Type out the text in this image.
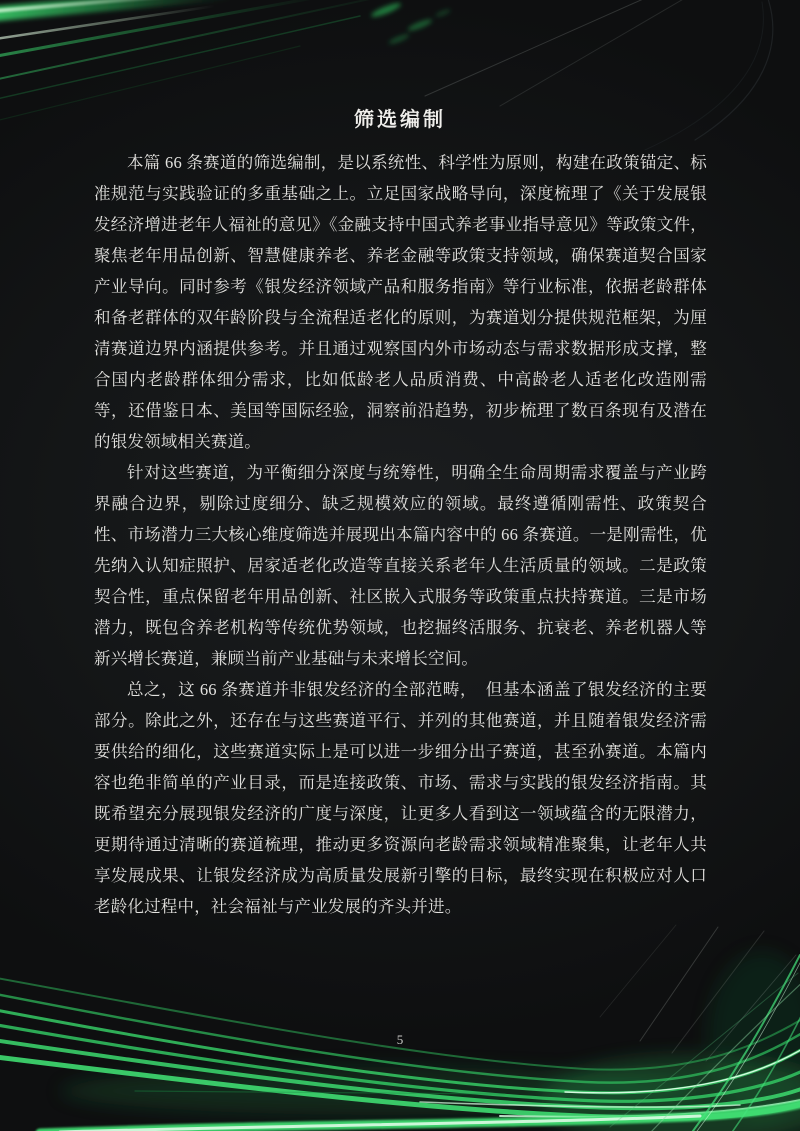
筛选编制

本篇 66 条赛道的筛选编制，是以系统性、科学性为原则，构建在政策锚定、标准规范与实践验证的多重基础之上。立足国家战略导向，深度梳理了《关于发展银发经济增进老年人福祉的意见》《金融支持中国式养老事业指导意见》等政策文件，聚焦老年用品创新、智慧健康养老、养老金融等政策支持领域，确保赛道契合国家产业导向。同时参考《银发经济领域产品和服务指南》等行业标准，依据老龄群体和备老群体的双年龄阶段与全流程适老化的原则，为赛道划分提供规范框架，为厘清赛道边界内涵提供参考。并且通过观察国内外市场动态与需求数据形成支撑，整合国内老龄群体细分需求，比如低龄老人品质消费、中高龄老人适老化改造刚需等，还借鉴日本、美国等国际经验，洞察前沿趋势，初步梳理了数百条现有及潜在的银发领域相关赛道。

针对这些赛道，为平衡细分深度与统筹性，明确全生命周期需求覆盖与产业跨界融合边界，剔除过度细分、缺乏规模效应的领域。最终遵循刚需性、政策契合性、市场潜力三大核心维度筛选并展现出本篇内容中的 66 条赛道。一是刚需性，优先纳入认知症照护、居家适老化改造等直接关系老年人生活质量的领域。二是政策契合性，重点保留老年用品创新、社区嵌入式服务等政策重点扶持赛道。三是市场潜力，既包含养老机构等传统优势领域，也挖掘终活服务、抗衰老、养老机器人等新兴增长赛道，兼顾当前产业基础与未来增长空间。

总之，这 66 条赛道并非银发经济的全部范畴，　但基本涵盖了银发经济的主要部分。除此之外，还存在与这些赛道平行、并列的其他赛道，并且随着银发经济需要供给的细化，这些赛道实际上是可以进一步细分出子赛道，甚至孙赛道。本篇内容也绝非简单的产业目录，而是连接政策、市场、需求与实践的银发经济指南。其既希望充分展现银发经济的广度与深度，让更多人看到这一领域蕴含的无限潜力，更期待通过清晰的赛道梳理，推动更多资源向老龄需求领域精准聚集，让老年人共享发展成果、让银发经济成为高质量发展新引擎的目标，最终实现在积极应对人口老龄化过程中，社会福祉与产业发展的齐头并进。

5
